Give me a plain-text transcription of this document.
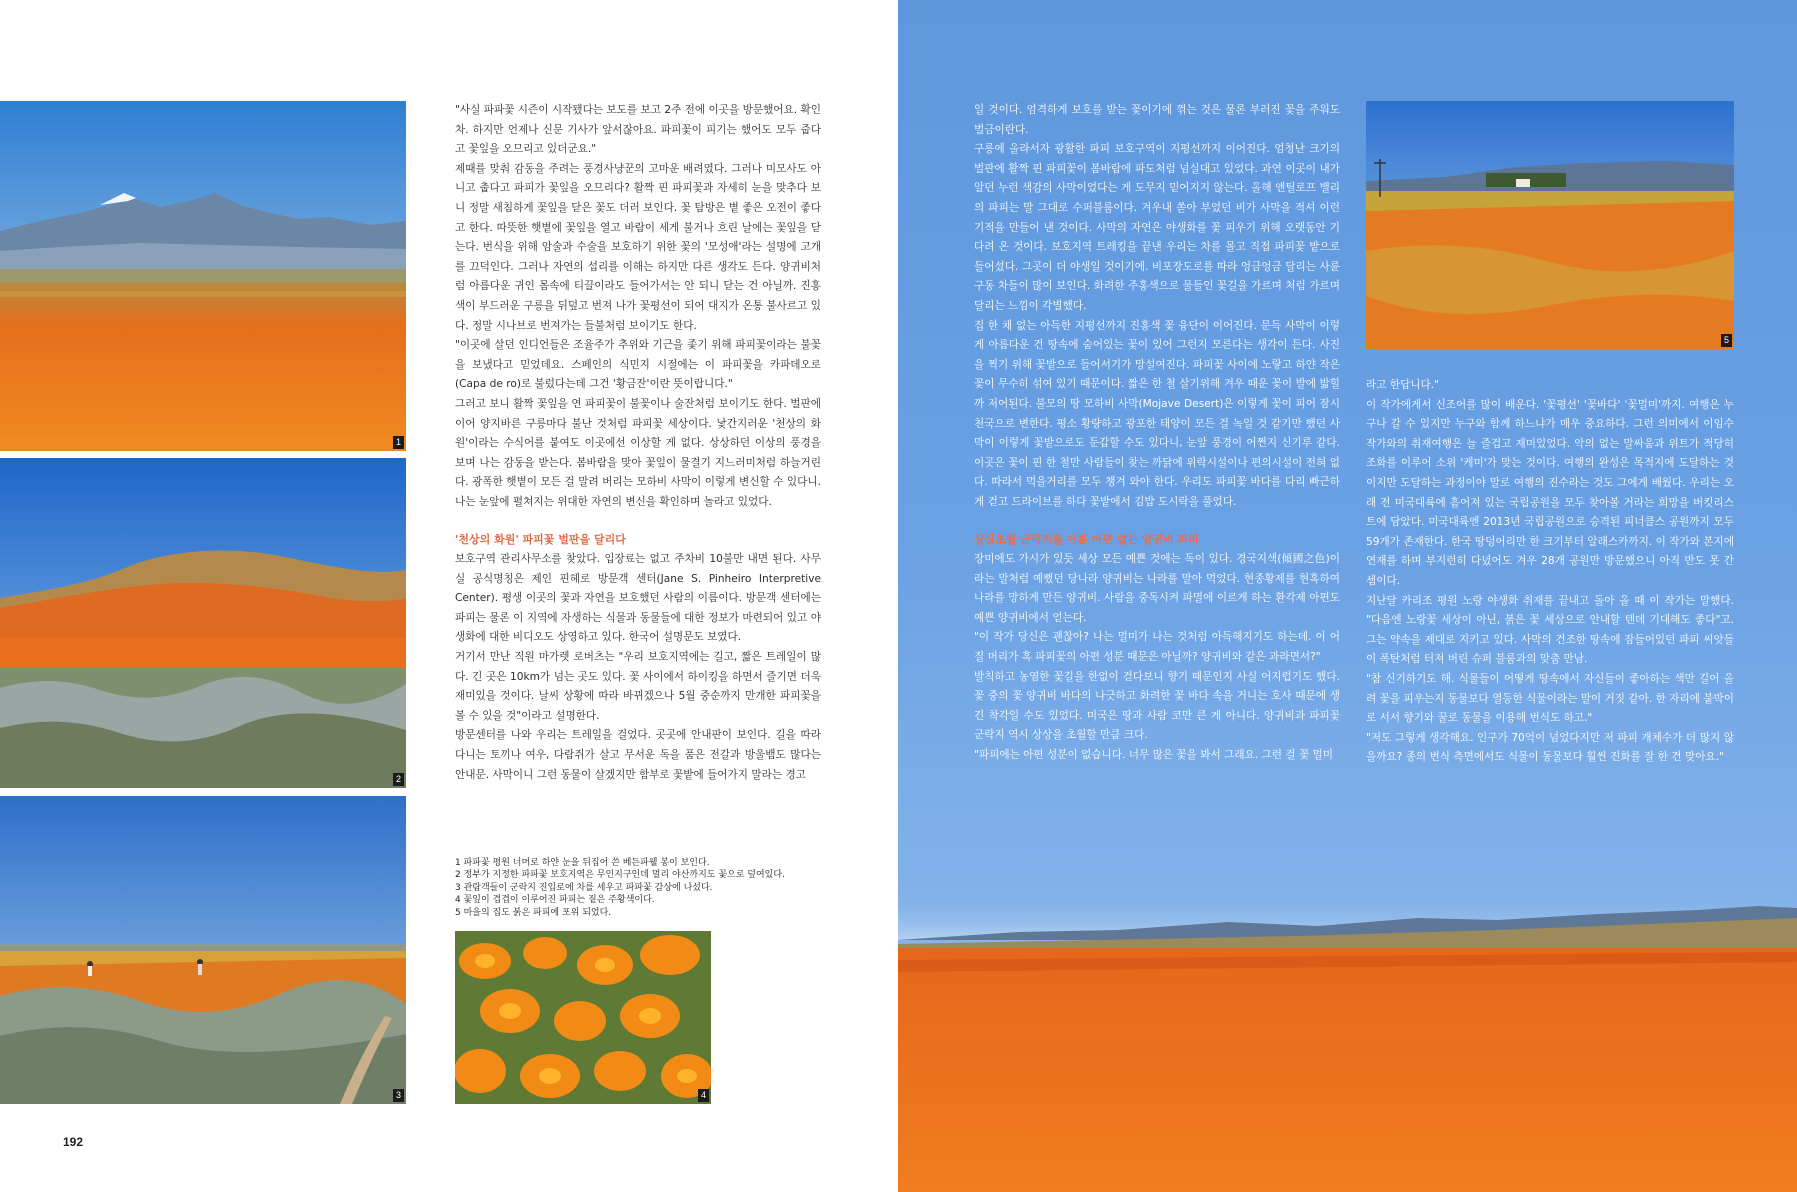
1
2
3

"사실 파파꽃 시즌이 시작됐다는 보도를 보고 2주 전에 이곳을 방문했어요. 확인 차. 하지만 언제나 신문 기사가 앞서잖아요. 파피꽃이 피기는 했어도 모두 줍다고 꽃잎을 오므리고 있더군요."

제때를 맞춰 감동을 주려는 풍경사냥꾼의 고마운 배려였다. 그러나 미모사도 아니고 춥다고 파피가 꽃잎을 오므리다? 활짝 핀 파피꽃과 자세히 눈을 맞추다 보니 정말 새침하게 꽃잎을 닫은 꽃도 더러 보인다. 꽃 탐방은 볕 좋은 오전이 좋다고 한다. 따뜻한 햇볕에 꽃잎을 열고 바람이 세게 불거나 흐린 날에는 꽃잎을 닫는다. 번식을 위해 암술과 수술을 보호하기 위한 꽃의 '모성애'라는 설명에 고개를 끄덕인다. 그러나 자연의 섭리를 이해는 하지만 다른 생각도 든다. 양귀비처럼 아름다운 귀인 몸속에 티끌이라도 들어가서는 안 되니 닫는 건 아닐까. 진홍색이 부드러운 구릉을 뒤덮고 번져 나가 꽃평선이 되어 대지가 온통 불사르고 있다. 정말 시나브로 번져가는 들불처럼 보이기도 한다.

"이곳에 살던 인디언들은 조율주가 추위와 기근을 좇기 위해 파피꽃이라는 불꽃을 보냈다고 믿었데요. 스페인의 식민지 시절에는 이 파피꽃을 카파데오로(Capa de ro)로 불렀다는데 그건 '황금잔'이란 뜻이랍니다."

그러고 보니 활짝 꽃잎을 연 파피꽃이 불꽃이나 술잔처럼 보이기도 한다. 벌판에 이어 양지바른 구릉마다 불난 것처럼 파피꽃 세상이다. 낯간지러운 '천상의 화원'이라는 수식어를 붙여도 이곳에선 이상할 게 없다. 상상하던 이상의 풍경을 보며 나는 감동을 받는다. 봄바람을 맞아 꽃잎이 물결기 지느러미처럼 하늘거린다. 광폭한 햇볕이 모든 걸 말려 버리는 모하비 사막이 이렇게 변신할 수 있다니. 나는 눈앞에 펼쳐지는 위대한 자연의 변신을 확인하며 놀라고 있었다.

'천상의 화원' 파피꽃 벌판을 달리다

보호구역 관리사무소를 찾았다. 입장료는 없고 주차비 10불만 내면 된다. 사무실 공식명칭은 제인 핀헤로 방문객 센터(Jane S. Pinheiro Interpretive Center). 평생 이곳의 꽃과 자연을 보호했던 사람의 이름이다. 방문객 센터에는 파피는 물론 이 지역에 자생하는 식물과 동물들에 대한 정보가 마련되어 있고 야생화에 대한 비디오도 상영하고 있다. 한국어 설명문도 보였다.

거기서 만난 직원 마가렛 로버츠는 "우리 보호지역에는 길고, 짧은 트레일이 많다. 긴 곳은 10km가 넘는 곳도 있다. 꽃 사이에서 하이킹을 하면서 즐기면 더욱 재미있을 것이다. 날씨 상황에 따라 바뀌겠으나 5월 중순까지 만개한 파피꽃을 볼 수 있을 것"이라고 설명한다.

방문센터를 나와 우리는 트레일을 걸었다. 곳곳에 안내판이 보인다. 길을 따라 다니는 토끼나 여우, 다람쥐가 살고 무서운 독을 품은 전갈과 방울뱀도 많다는 안내문. 사막이니 그런 동물이 살겠지만 함부로 꽃밭에 들어가지 말라는 경고

1 파파꽃 평원 너머로 하얀 눈을 뒤집어 쓴 베든파웰 봉이 보인다.
2 정부가 지정한 파파꽃 보호지역은 무인지구인데 멀리 야산까지도 꽃으로 덮여있다.
3 관람객들이 군락지 진입로에 차를 세우고 파파꽃 감상에 나섰다.
4 꽃잎이 겹겹이 이루어진 파피는 짙은 주황색이다.
5 마을의 집도 붉은 파피에 포위 되었다.
4
192

일 것이다. 엄격하게 보호를 받는 꽃이기에 꺾는 것은 물론 부러진 꽃을 주워도 벌금이란다.

구릉에 올라서자 광활한 파피 보호구역이 지평선까지 이어진다. 엄청난 크기의 벌판에 활짝 핀 파피꽃이 봄바람에 파도처럼 넘실대고 있었다. 과연 이곳이 내가 알던 누런 색감의 사막이었다는 게 도무지 믿어지지 않는다. 올해 앤틸로프 밸리의 파피는 말 그대로 수퍼블룸이다. 겨우내 쏟아 부었던 비가 사막을 적셔 이런 기적을 만들어 낸 것이다. 사막의 자연은 야생화를 꽃 피우기 위해 오랫동안 기다려 온 것이다. 보호지역 트레킹을 끝낸 우리는 차를 몰고 직접 파피꽃 밭으로 들어섰다. 그곳이 더 야생일 것이기에. 비포장도로를 따라 엉금엉금 달리는 사륜구동 차들이 많이 보인다. 화려한 주홍색으로 물들인 꽃길을 가르며 처럼 가르며 달리는 느낌이 각별했다.

집 한 채 없는 아득한 지평선까지 진홍색 꽃 융단이 이어진다. 문득 사막이 이렇게 아름다운 건 땅속에 숨어있는 꽃이 있어 그런지 모른다는 생각이 든다. 사진을 찍기 위해 꽃밭으로 들어서기가 망설여진다. 파피꽃 사이에 노랗고 하얀 작은 꽃이 무수히 섞여 있기 때문이다. 짧은 한 철 살기위해 겨우 때운 꽃이 발에 밟힐까 저어된다. 불모의 땅 모하비 사막(Mojave Desert)은 이렇게 꽃이 피어 잠시 천국으로 변한다. 평소 황량하고 광포한 태양이 모든 걸 녹일 것 같기만 했던 사막이 이렇게 꽃밭으로도 둔갑할 수도 있다니, 눈앞 풍경이 어쩐지 신기루 같다. 이곳은 꽃이 핀 한 철만 사람들이 찾는 까닭에 위락시설이나 편의시설이 전혀 없다. 따라서 먹을거리를 모두 챙겨 와야 한다. 우리도 파피꽃 바다를 다리 빠근하게 걷고 드라이브를 하다 꽃밭에서 김밥 도시락을 풀었다.

상상초월 군락지를 이룬 아편 없는 양귀비 파피

장미에도 가시가 있듯 세상 모든 예쁜 것에는 독이 있다. 경국지색(傾國之色)이라는 말처럼 예뻤던 당나라 양귀비는 나라를 말아 먹었다. 현종황제를 현혹하여 나라를 망하게 만든 양귀비. 사람을 중독시켜 파멸에 이르게 하는 환각제 아편도 예쁜 양귀비에서 얻는다.

"이 작가 당신은 괜찮아? 나는 멀미가 나는 것처럼 아득해지기도 하는데. 이 어질 머리가 혹 파피꽃의 아편 성분 때문은 아닐까? 양귀비와 같은 과라면서?"

발칙하고 농염한 꽃길을 한없이 걷다보니 향기 때문인지 사실 어지럽기도 했다. 꽃 중의 꽃 양귀비 바다의 나긋하고 화려한 꽃 바다 속을 거니는 호사 때문에 생긴 착각일 수도 있었다. 미국은 땅과 사람 코만 큰 게 아니다. 양귀비과 파피꽃 군락지 역시 상상을 초월할 만큼 크다.

"파피에는 아편 성분이 없습니다. 너무 많은 꽃을 봐서 그래요. 그런 걸 꽃 멀미

5

라고 한답니다."

이 작가에게서 신조어를 많이 배운다. '꽃평선' '꽃바다' '꽃멀미'까지. 여행은 누구나 갈 수 있지만 누구와 함께 하느냐가 매우 중요하다. 그런 의미에서 이임수 작가와의 취재여행은 늘 즐겁고 재미있었다. 악의 없는 말싸움과 위트가 적당히 조화를 이루어 소위 '케미'가 맞는 것이다. 여행의 완성은 목적지에 도달하는 것이지만 도달하는 과정이야 말로 여행의 진수라는 것도 그에게 배웠다. 우리는 오래 전 미국대륙에 흩어져 있는 국립공원을 모두 찾아볼 거라는 희망을 버킷리스트에 담았다. 미국대륙엔 2013년 국립공원으로 승격된 피너클스 공원까지 모두 59개가 존재한다. 한국 땅덩어리만 한 크기부터 알래스카까지. 이 작가와 본지에 연재를 하며 부지런히 다녔어도 겨우 28개 공원만 방문했으니 아직 반도 못 간 셈이다.

지난달 카리조 평원 노랑 야생화 취재를 끝내고 돌아 올 때 이 작가는 말했다. "다음엔 노랑꽃 세상이 아닌, 붉은 꽃 세상으로 안내할 텐데 기대해도 좋다"고. 그는 약속을 제대로 지키고 있다. 사막의 건조한 땅속에 잠들어있던 파피 씨앗들이 폭탄처럼 터져 버린 슈퍼 블룸과의 맞춤 만남.

"참 신기하기도 해. 식물들이 어떻게 땅속에서 자신들이 좋아하는 색만 길어 올려 꽃을 피우는지 동물보다 열등한 식물이라는 말이 거짓 같아. 한 자리에 붙박이로 서서 향기와 꿀로 동물을 이용해 번식도 하고."

"저도 그렇게 생각해요. 인구가 70억이 넘었다지만 저 파피 개체수가 더 많지 않을까요? 종의 번식 측면에서도 식물이 동물보다 훨씬 진화를 잘 한 건 맞아요."
